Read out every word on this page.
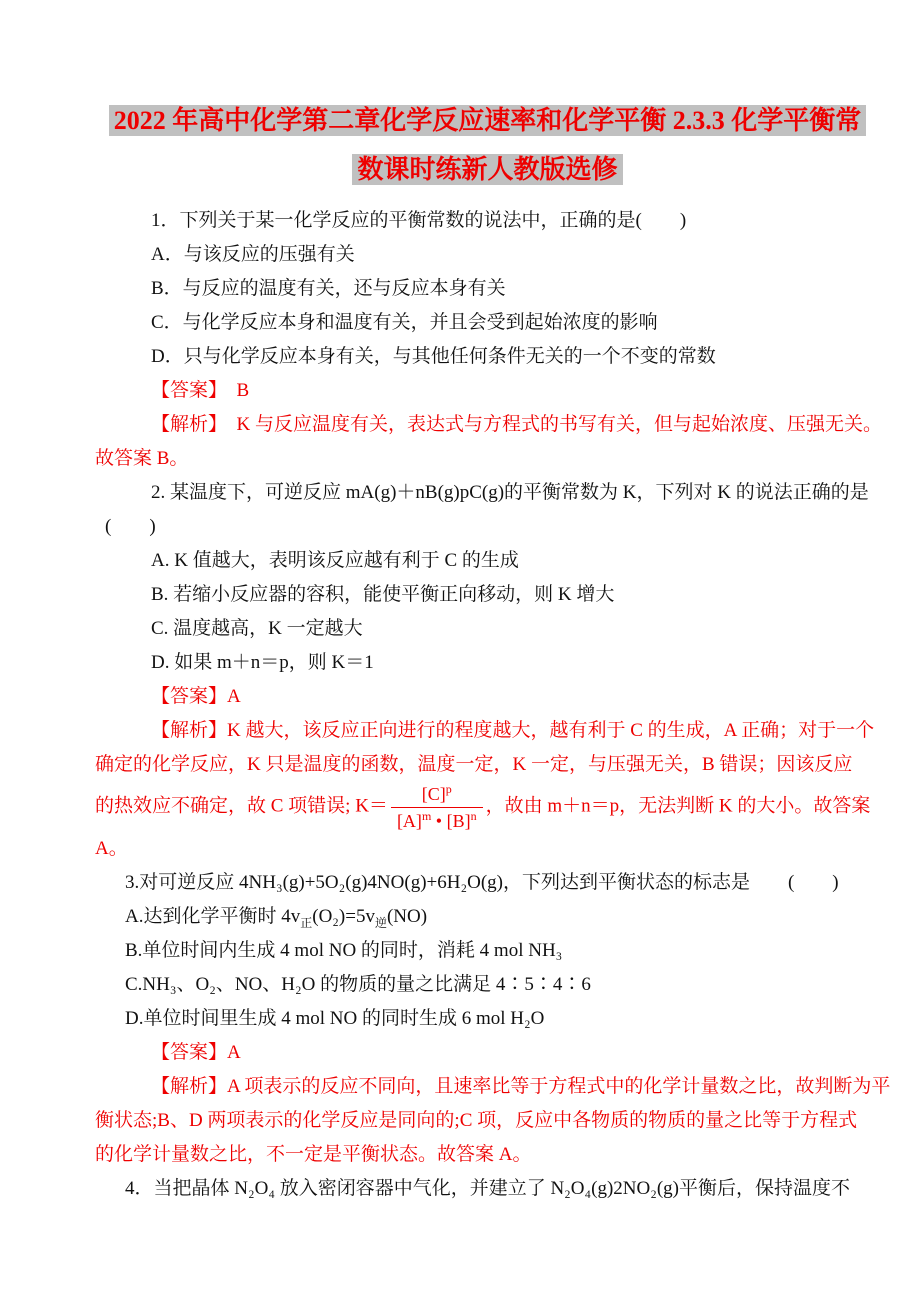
2022 年高中化学第二章化学反应速率和化学平衡 2.3.3 化学平衡常
数课时练新人教版选修
1．下列关于某一化学反应的平衡常数的说法中，正确的是(　　)
A．与该反应的压强有关
B．与反应的温度有关，还与反应本身有关
C．与化学反应本身和温度有关，并且会受到起始浓度的影响
D．只与化学反应本身有关，与其他任何条件无关的一个不变的常数
【答案】　B
【解析】　K 与反应温度有关，表达式与方程式的书写有关，但与起始浓度、压强无关。
故答案 B。
2. 某温度下，可逆反应 mA(g)＋nB(g)pC(g)的平衡常数为 K，下列对 K 的说法正确的是
(　　)
A. K 值越大，表明该反应越有利于 C 的生成
B. 若缩小反应器的容积，能使平衡正向移动，则 K 增大
C. 温度越高，K 一定越大
D. 如果 m＋n＝p，则 K＝1
【答案】A
【解析】K 越大，该反应正向进行的程度越大，越有利于 C 的生成，A 正确；对于一个
确定的化学反应，K 只是温度的函数，温度一定，K 一定，与压强无关，B 错误；因该反应
的热效应不确定，故 C 项错误; $K= \frac{[C]^p}{[A]^m • [B]^n}$ ，故由 m＋n＝p，无法判断 K 的大小。故答案
A。
3.对可逆反应 4NH₃(g)+5O₂(g)4NO(g)+6H₂O(g)，下列达到平衡状态的标志是　　(　　)
A.达到化学平衡时 $4v_正(O_2)=5v_逆(NO)$
B.单位时间内生成 4 mol NO 的同时，消耗 4 mol NH₃
C.NH₃、O₂、NO、H₂O 的物质的量之比满足 4∶5∶4∶6
D.单位时间里生成 4 mol NO 的同时生成 6 mol H₂O
【答案】A
【解析】A 项表示的反应不同向，且速率比等于方程式中的化学计量数之比，故判断为平
衡状态;B、D 两项表示的化学反应是同向的;C 项，反应中各物质的物质的量之比等于方程式
的化学计量数之比，不一定是平衡状态。故答案 A。
4．当把晶体 N₂O₄ 放入密闭容器中气化，并建立了 N₂O₄(g)2NO₂(g)平衡后，保持温度不
